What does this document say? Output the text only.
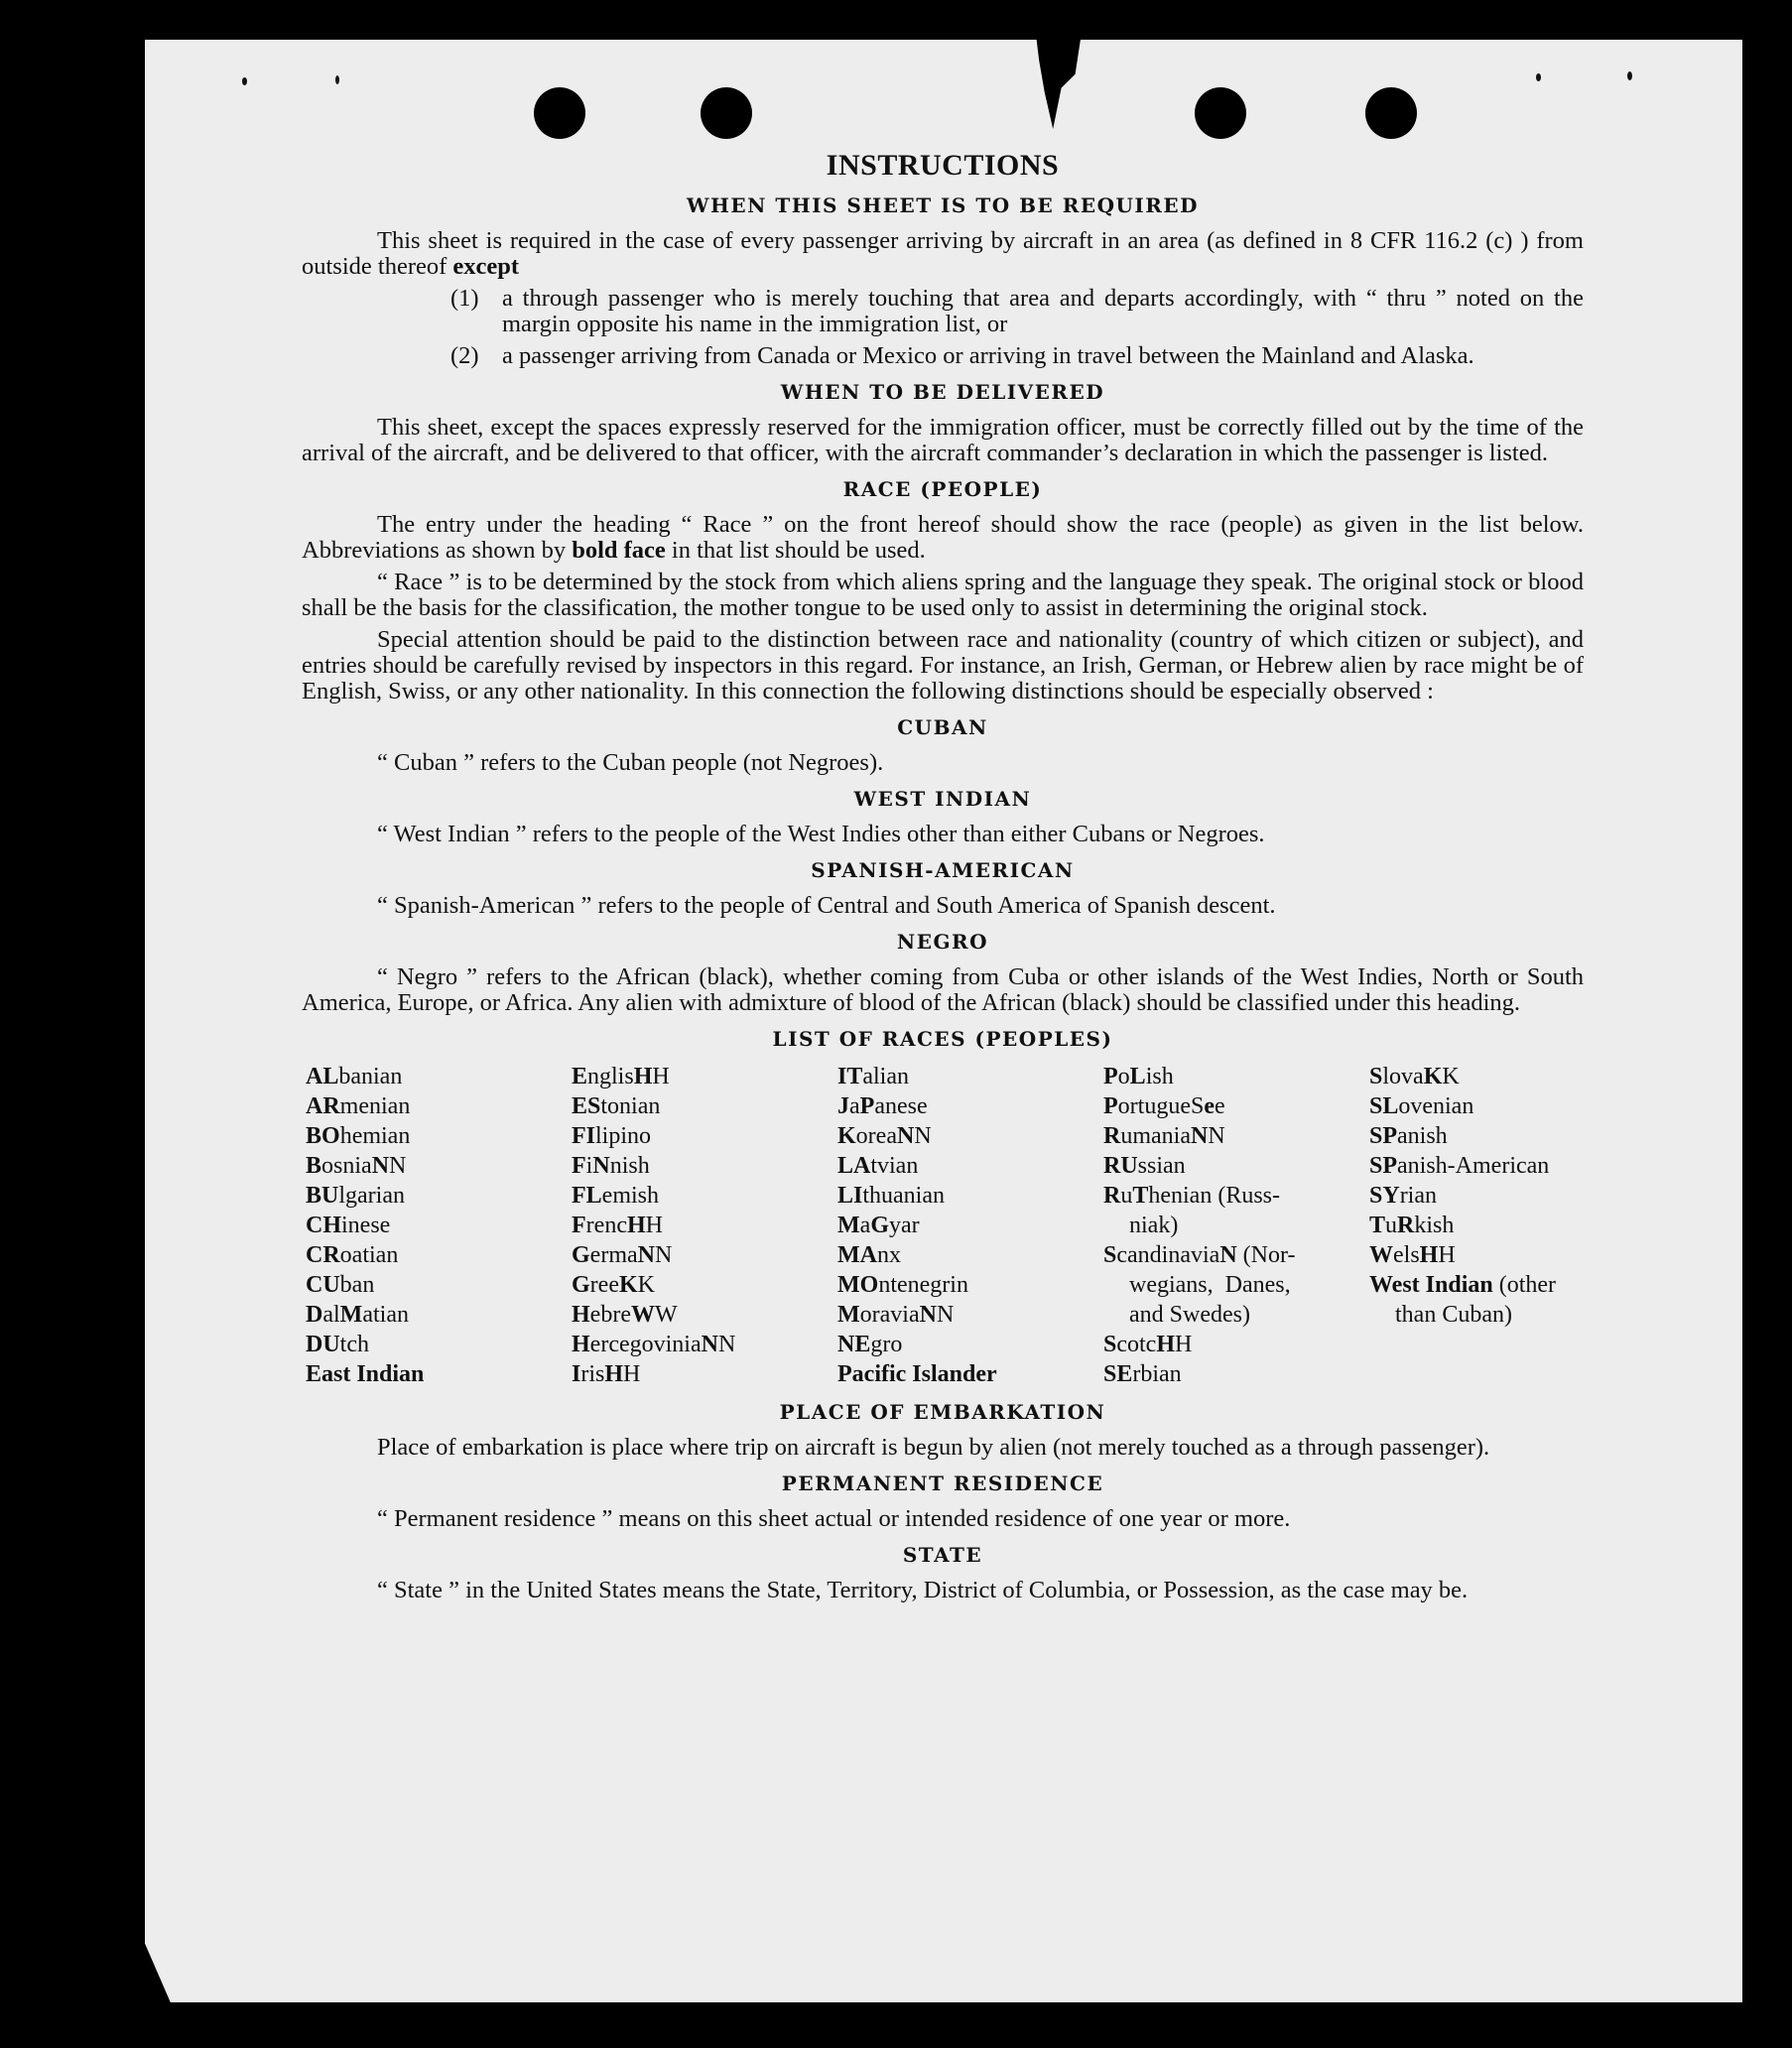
INSTRUCTIONS
WHEN THIS SHEET IS TO BE REQUIRED

This sheet is required in the case of every passenger arriving by aircraft in an area (as defined in 8 CFR 116.2 (c) ) from outside thereof except

(1) a through passenger who is merely touching that area and departs accordingly, with “ thru ” noted on the margin opposite his name in the immigration list, or
(2) a passenger arriving from Canada or Mexico or arriving in travel between the Mainland and Alaska.
WHEN TO BE DELIVERED

This sheet, except the spaces expressly reserved for the immigration officer, must be correctly filled out by the time of the arrival of the aircraft, and be delivered to that officer, with the aircraft commander’s declaration in which the passenger is listed.

RACE (PEOPLE)

The entry under the heading “ Race ” on the front hereof should show the race (people) as given in the list below. Abbreviations as shown by bold face in that list should be used.

“ Race ” is to be determined by the stock from which aliens spring and the language they speak. The original stock or blood shall be the basis for the classification, the mother tongue to be used only to assist in determining the original stock.

Special attention should be paid to the distinction between race and nationality (country of which citizen or subject), and entries should be carefully revised by inspectors in this regard. For instance, an Irish, German, or Hebrew alien by race might be of English, Swiss, or any other nationality. In this connection the following distinctions should be especially observed :

CUBAN
“ Cuban ” refers to the Cuban people (not Negroes).
WEST INDIAN
“ West Indian ” refers to the people of the West Indies other than either Cubans or Negroes.
SPANISH-AMERICAN
“ Spanish-American ” refers to the people of Central and South America of Spanish descent.
NEGRO

“ Negro ” refers to the African (black), whether coming from Cuba or other islands of the West Indies, North or South America, Europe, or Africa. Any alien with admixture of blood of the African (black) should be classified under this heading.

LIST OF RACES (PEOPLES)
ALbanian
ARmenian
BOhemian
BosniaNN
BUlgarian
CHinese
CRoatian
CUban
DalMatian
DUtch
East Indian
EnglisHH
EStonian
FIlipino
FiNnish
FLemish
FrencHH
GermaNN
GreeKK
HebreWW
HercegoviniaNN
IrisHH
ITalian
JaPanese
KoreaNN
LAtvian
LIthuanian
MaGyar
MAnx
MOntenegrin
MoraviaNN
NEgro
Pacific Islander
PoLish
PortugueSee
RumaniaNN
RUssian
RuThenian (Russ-
niak)
ScandinaviaN (Nor-
wegians,  Danes,
and Swedes)
ScotcHH
SErbian
SlovaKK
SLovenian
SPanish
SPanish-American
SYrian
TuRkish
WelsHH
West Indian (other
than Cuban)
PLACE OF EMBARKATION

Place of embarkation is place where trip on aircraft is begun by alien (not merely touched as a through passenger).

PERMANENT RESIDENCE
“ Permanent residence ” means on this sheet actual or intended residence of one year or more.
STATE

“ State ” in the United States means the State, Territory, District of Columbia, or Possession, as the case may be.
